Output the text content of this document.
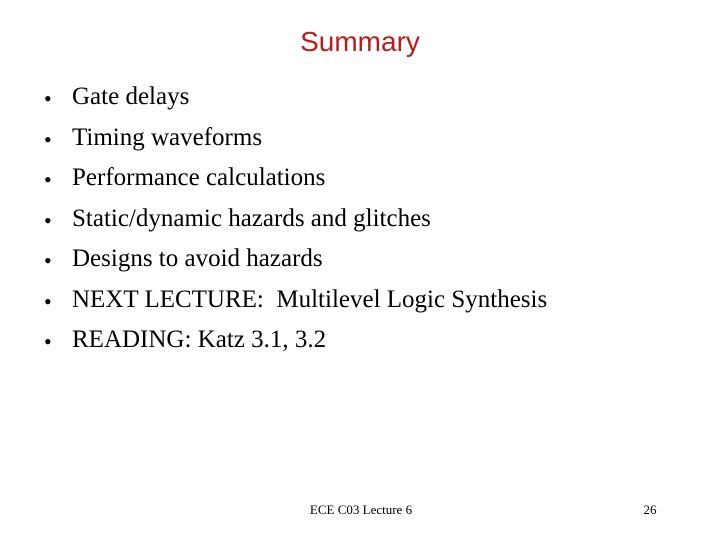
Summary
• Gate delays
• Timing waveforms
• Performance calculations
• Static/dynamic hazards and glitches
• Designs to avoid hazards
• NEXT LECTURE:  Multilevel Logic Synthesis
• READING: Katz 3.1, 3.2
ECE C03 Lecture 6	26
